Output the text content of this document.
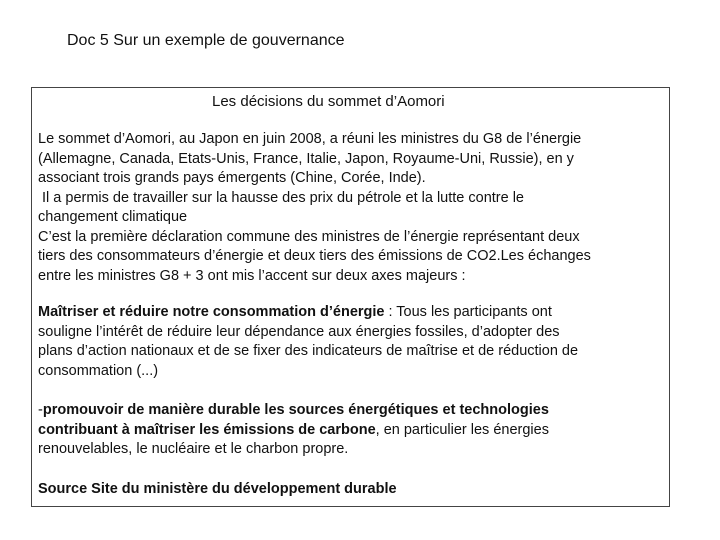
Doc 5 Sur un exemple de gouvernance
Les décisions du sommet d’Aomori
Le sommet d’Aomori, au Japon en juin 2008, a réuni les ministres du G8 de l’énergie
(Allemagne, Canada, Etats-Unis, France, Italie, Japon, Royaume-Uni, Russie), en y
associant trois grands pays émergents (Chine, Corée, Inde).
Il a permis de travailler sur la hausse des prix du pétrole et la lutte contre le
changement climatique
C’est la première déclaration commune des ministres de l’énergie représentant deux
tiers des consommateurs d’énergie et deux tiers des émissions de CO2.Les échanges
entre les ministres G8 + 3 ont mis l’accent sur deux axes majeurs :
Maîtriser et réduire notre consommation d’énergie : Tous les participants ont
souligne l’intérêt de réduire leur dépendance aux énergies fossiles, d’adopter des
plans d’action nationaux et de se fixer des indicateurs de maîtrise et de réduction de
consommation (...)
-promouvoir de manière durable les sources énergétiques et technologies
contribuant à maîtriser les émissions de carbone, en particulier les énergies
renouvelables, le nucléaire et le charbon propre.
Source Site du ministère du développement durable
